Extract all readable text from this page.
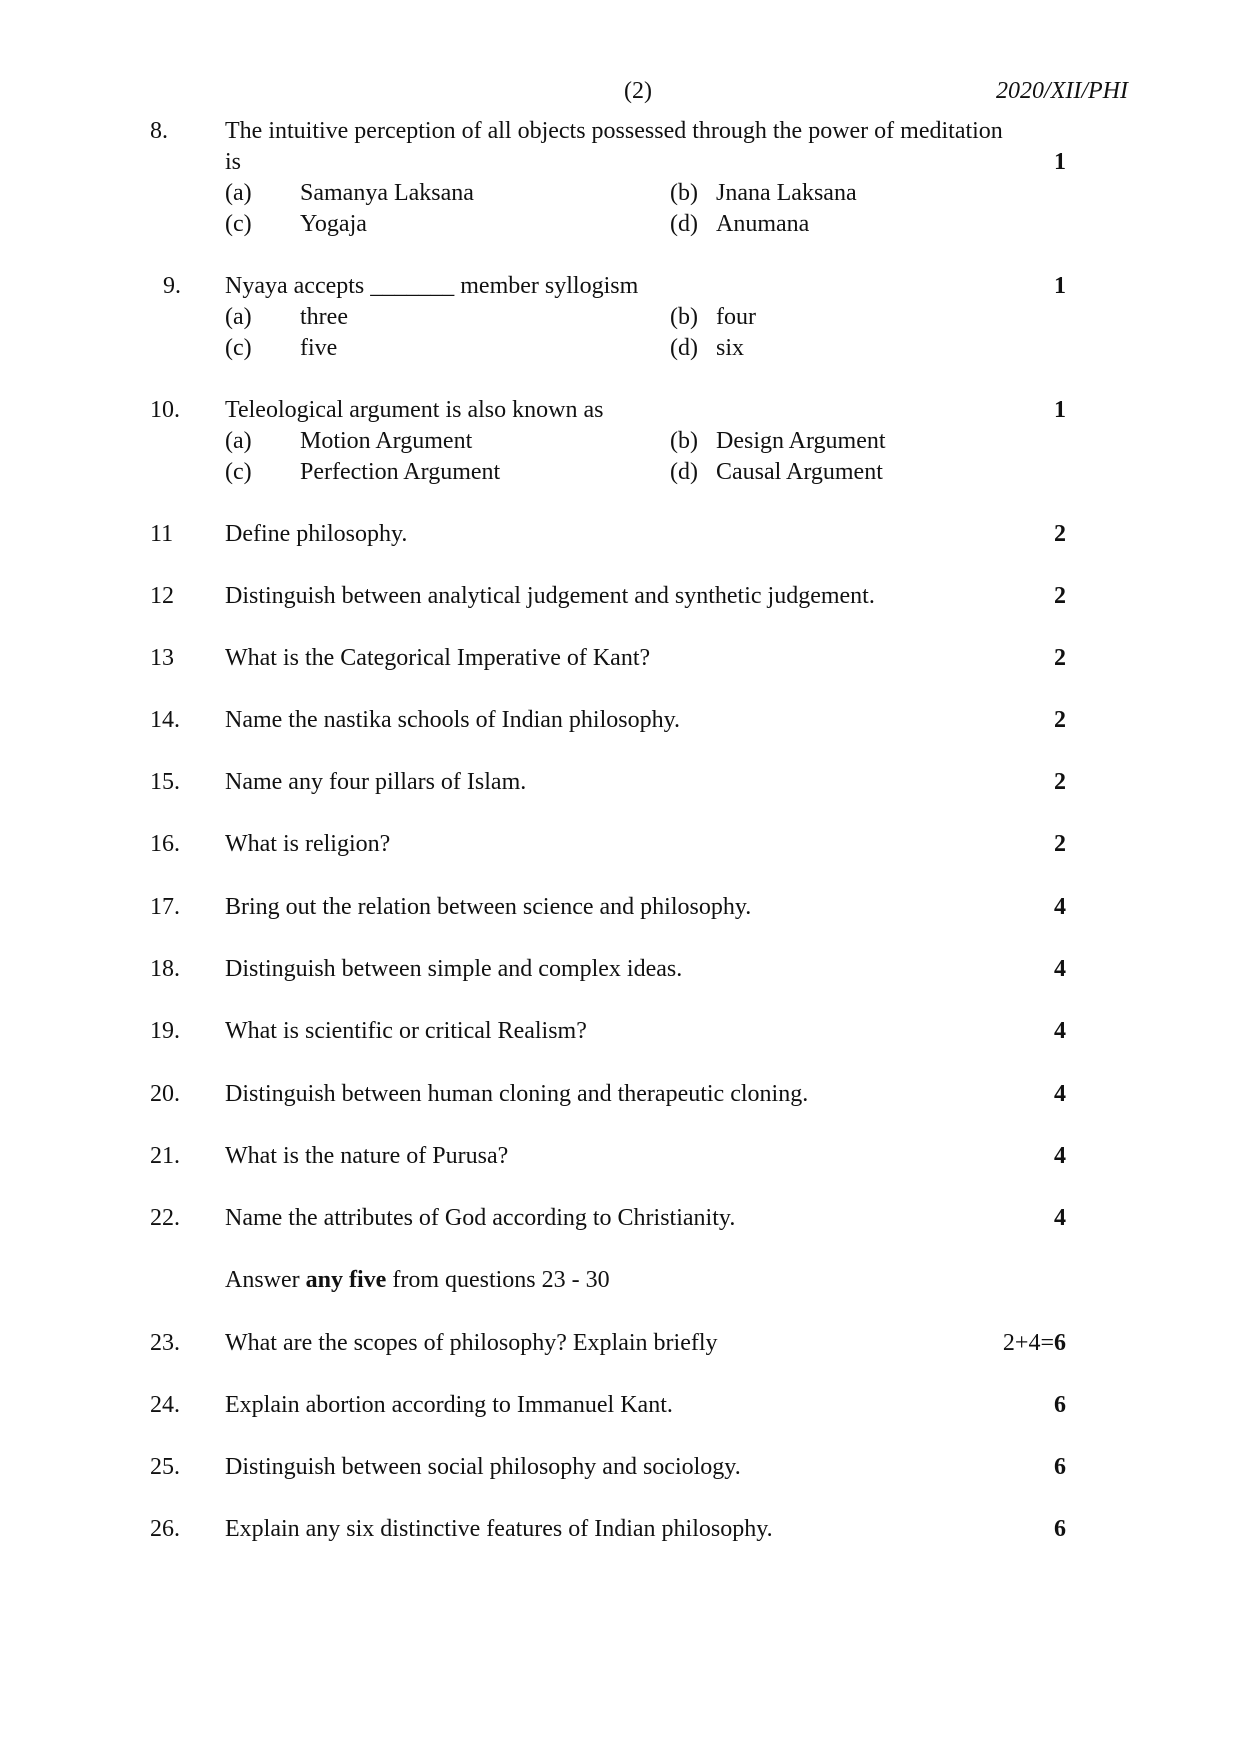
(2)	2020/XII/PHI
8. The intuitive perception of all objects possessed through the power of meditation is	1
(a) Samanya Laksana	(b) Jnana Laksana
(c) Yogaja	(d) Anumana
9. Nyaya accepts _______ member syllogism	1
(a) three	(b) four
(c) five	(d) six
10. Teleological argument is also known as	1
(a) Motion Argument	(b) Design Argument
(c) Perfection Argument	(d) Causal Argument
11 Define philosophy.	2
12 Distinguish between analytical judgement and synthetic judgement.	2
13 What is the Categorical Imperative of Kant?	2
14. Name the nastika schools of Indian philosophy.	2
15. Name any four pillars of Islam.	2
16. What is religion?	2
17. Bring out the relation between science and philosophy.	4
18. Distinguish between simple and complex ideas.	4
19. What is scientific or critical Realism?	4
20. Distinguish between human cloning and therapeutic cloning.	4
21. What is the nature of Purusa?	4
22. Name the attributes of God according to Christianity.	4
Answer any five from questions 23 - 30
23. What are the scopes of philosophy? Explain briefly	2+4=6
24. Explain abortion according to Immanuel Kant.	6
25. Distinguish between social philosophy and sociology.	6
26. Explain any six distinctive features of Indian philosophy.	6
